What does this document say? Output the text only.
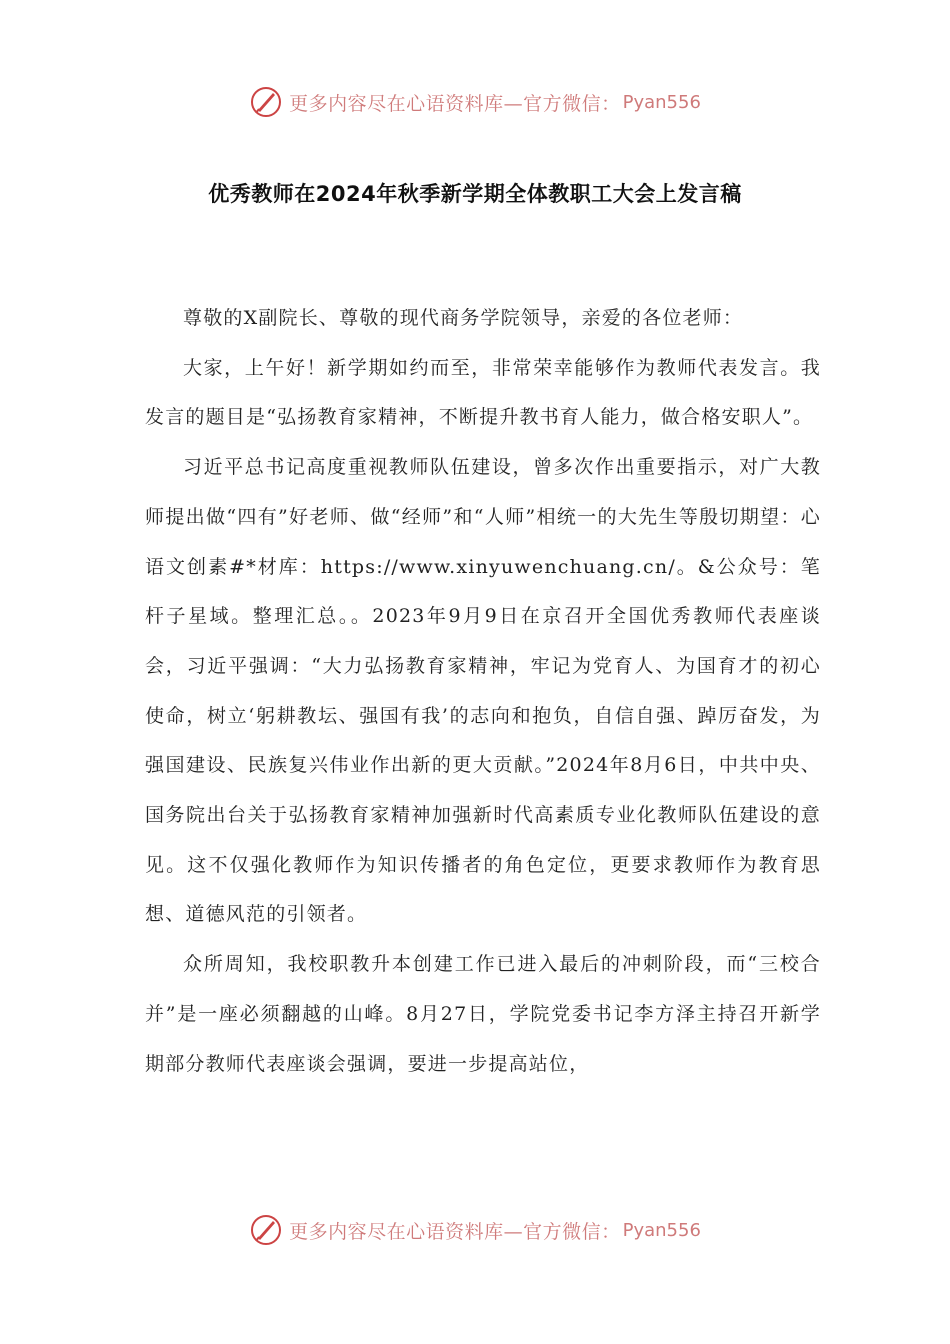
更多内容尽在心语资料库—官方微信： Pyan556
优秀教师在2024年秋季新学期全体教职工大会上发言稿

尊敬的X副院长、尊敬的现代商务学院领导，亲爱的各位老师：

大家，上午好！新学期如约而至，非常荣幸能够作为教师代表发言。我发言的题目是“弘扬教育家精神，不断提升教书育人能力，做合格安职人”。

习近平总书记高度重视教师队伍建设，曾多次作出重要指示，对广大教师提出做“四有”好老师、做“经师”和“人师”相统一的大先生等殷切期望：心语文创素#*材库：https://www.xinyuwenchuang.cn/。&公众号：笔杆子星域。整理汇总。。2023年9月9日在京召开全国优秀教师代表座谈会，习近平强调：“大力弘扬教育家精神，牢记为党育人、为国育才的初心使命，树立‘躬耕教坛、强国有我’的志向和抱负，自信自强、踔厉奋发，为强国建设、民族复兴伟业作出新的更大贡献。”2024年8月6日，中共中央、国务院出台关于弘扬教育家精神加强新时代高素质专业化教师队伍建设的意见。这不仅强化教师作为知识传播者的角色定位，更要求教师作为教育思想、道德风范的引领者。

众所周知，我校职教升本创建工作已进入最后的冲刺阶段，而“三校合并”是一座必须翻越的山峰。8月27日，学院党委书记李方泽主持召开新学期部分教师代表座谈会强调，要进一步提高站位，

更多内容尽在心语资料库—官方微信： Pyan556
